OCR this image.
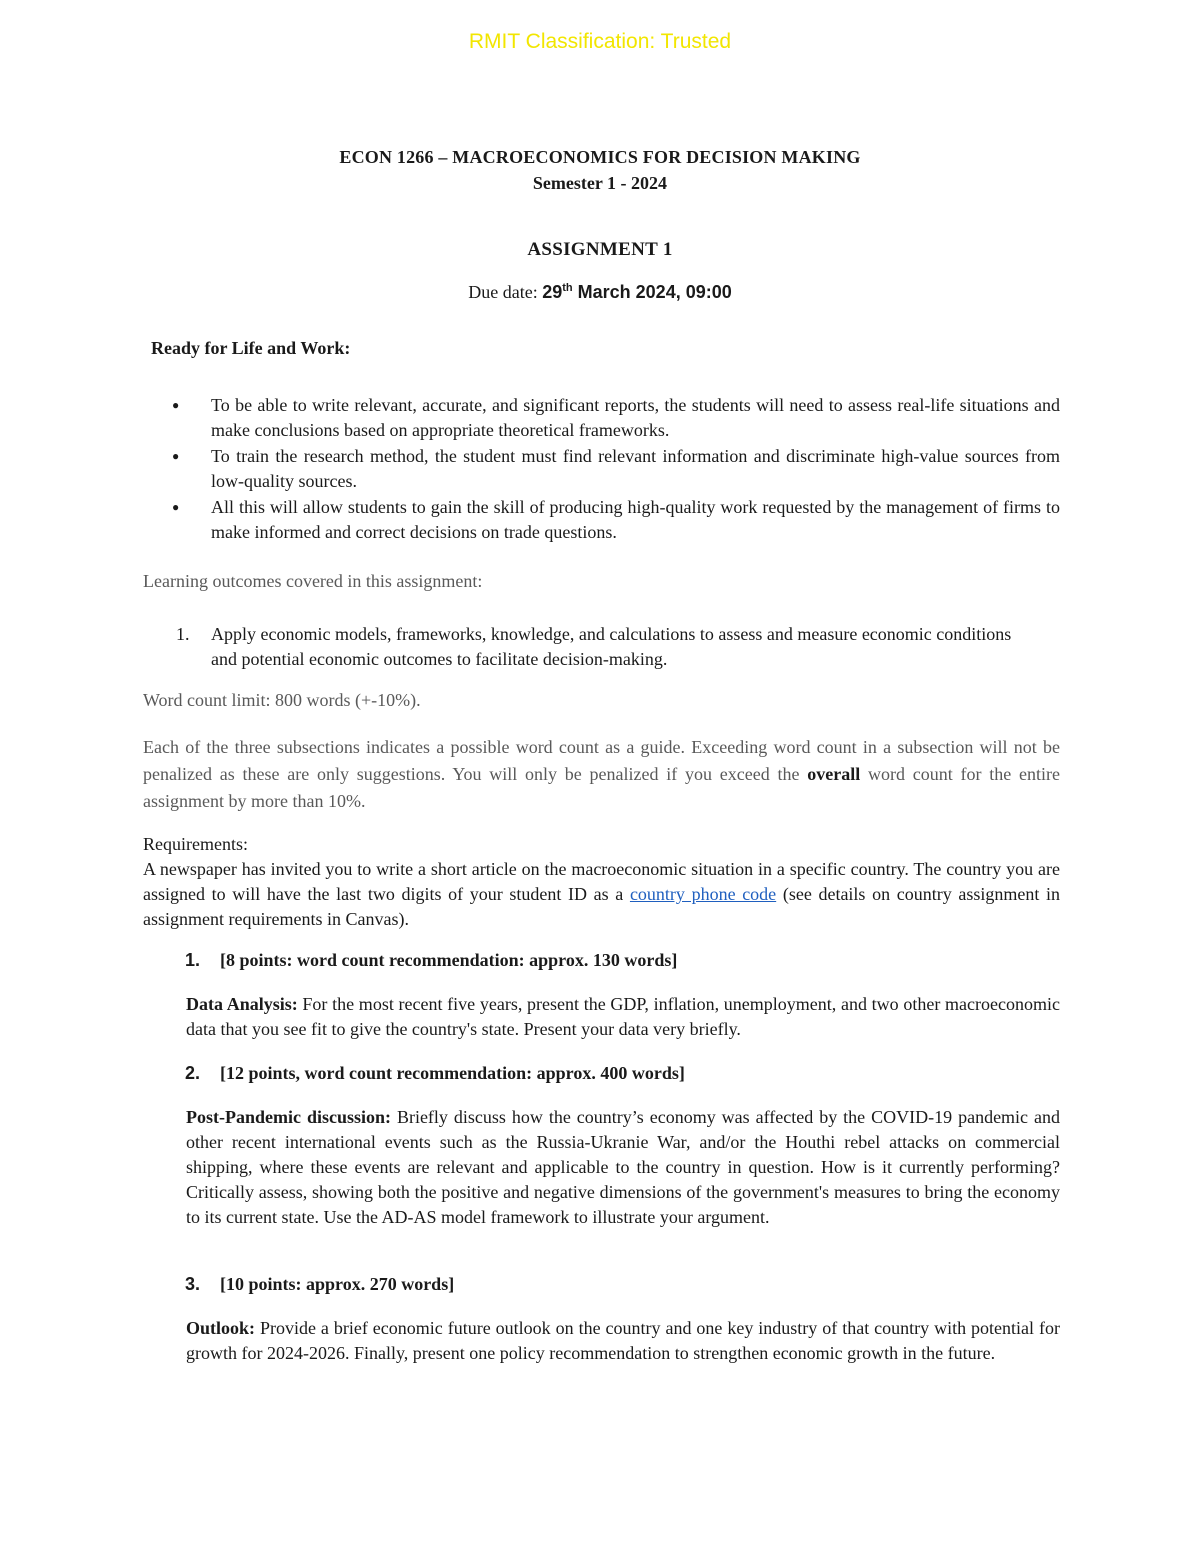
RMIT Classification: Trusted
ECON 1266 – MACROECONOMICS FOR DECISION MAKING
Semester 1 - 2024
ASSIGNMENT 1
Due date: 29th March 2024, 09:00
Ready for Life and Work:
● To be able to write relevant, accurate, and significant reports, the students will need to assess real-life situations and make conclusions based on appropriate theoretical frameworks.
● To train the research method, the student must find relevant information and discriminate high-value sources from low-quality sources.
● All this will allow students to gain the skill of producing high-quality work requested by the management of firms to make informed and correct decisions on trade questions.
Learning outcomes covered in this assignment:
1. Apply economic models, frameworks, knowledge, and calculations to assess and measure economic conditions and potential economic outcomes to facilitate decision-making.
Word count limit: 800 words (+-10%).
Each of the three subsections indicates a possible word count as a guide. Exceeding word count in a subsection will not be penalized as these are only suggestions. You will only be penalized if you exceed the overall word count for the entire assignment by more than 10%.
Requirements:
A newspaper has invited you to write a short article on the macroeconomic situation in a specific country. The country you are assigned to will have the last two digits of your student ID as a country phone code (see details on country assignment in assignment requirements in Canvas).
1. [8 points: word count recommendation: approx. 130 words]
Data Analysis: For the most recent five years, present the GDP, inflation, unemployment, and two other macroeconomic data that you see fit to give the country's state. Present your data very briefly.
2. [12 points, word count recommendation: approx. 400 words]
Post-Pandemic discussion: Briefly discuss how the country’s economy was affected by the COVID-19 pandemic and other recent international events such as the Russia-Ukranie War, and/or the Houthi rebel attacks on commercial shipping, where these events are relevant and applicable to the country in question. How is it currently performing? Critically assess, showing both the positive and negative dimensions of the government's measures to bring the economy to its current state. Use the AD-AS model framework to illustrate your argument.
3. [10 points: approx. 270 words]
Outlook: Provide a brief economic future outlook on the country and one key industry of that country with potential for growth for 2024-2026. Finally, present one policy recommendation to strengthen economic growth in the future.
